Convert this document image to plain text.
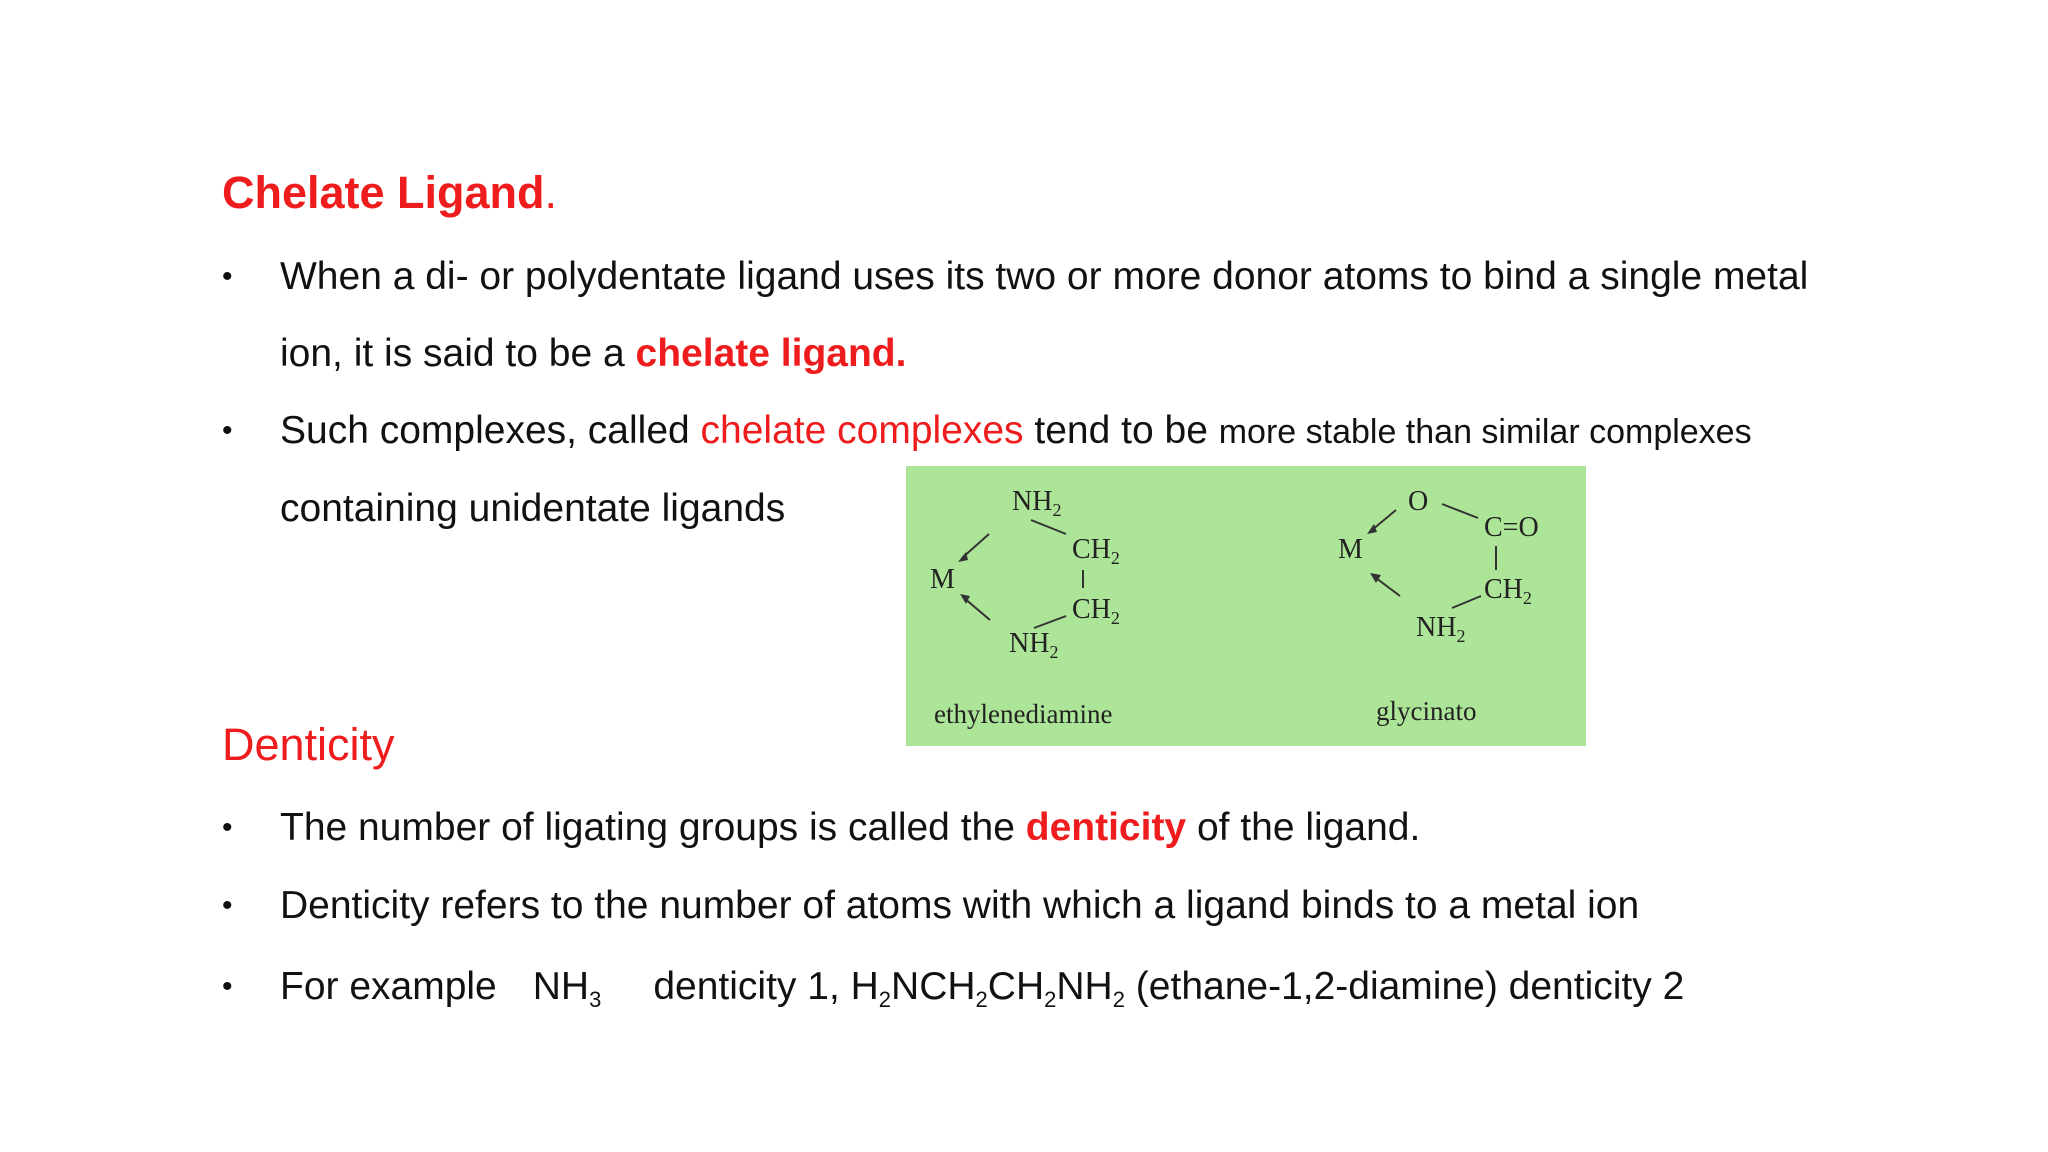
Chelate Ligand.
• When a di- or polydentate ligand uses its two or more donor atoms to bind a single metal
ion, it is said to be a chelate ligand.
• Such complexes, called chelate complexes tend to be more stable than similar complexes
containing unidentate ligands	$NH_2$
$CH_2$
$CH_2$
$NH_2$
M
ethylenediamine
O
C=O
$CH_2$
$NH_2$
M
glycinato
Denticity
• The number of ligating groups is called the denticity of the ligand.
• Denticity refers to the number of atoms with which a ligand binds to a metal ion
• For example $NH_3$ denticity 1, $H_2NCH_2CH_2NH_2$ (ethane-1,2-diamine) denticity 2
